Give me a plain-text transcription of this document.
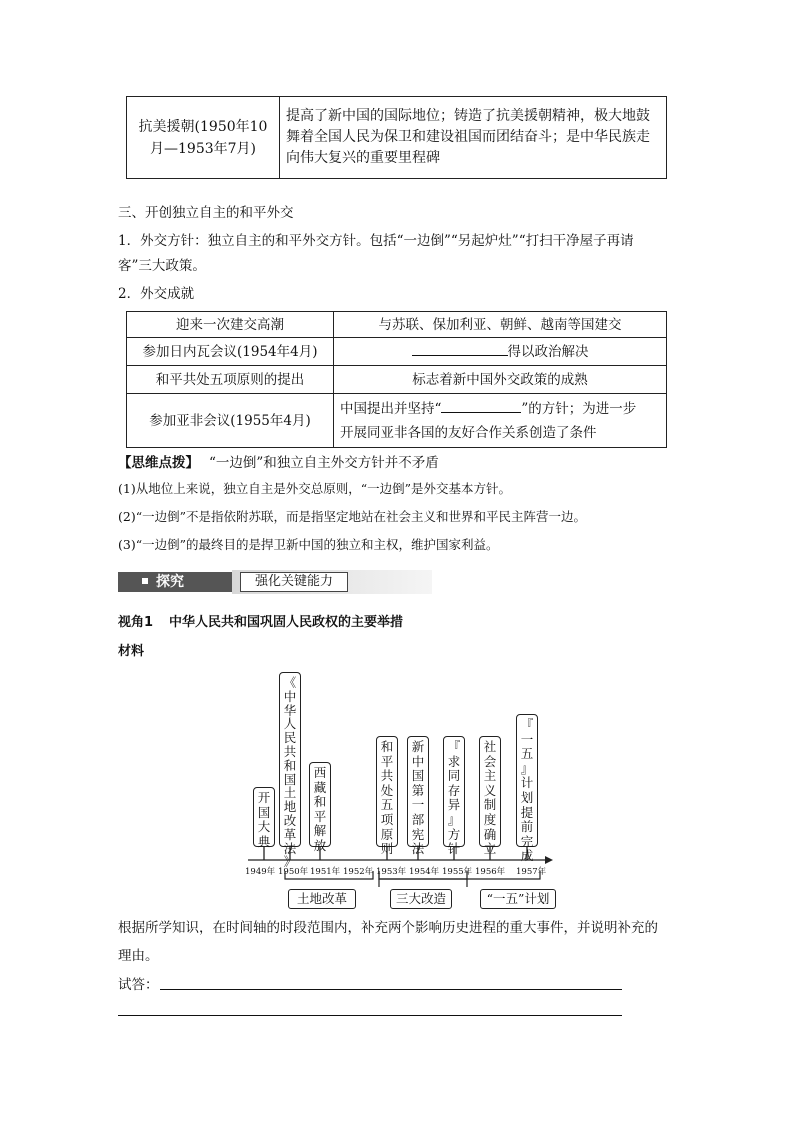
抗美援朝(1950年10月—1953年7月)
	提高了新中国的国际地位；铸造了抗美援朝精神，极大地鼓舞着全国人民为保卫和建设祖国而团结奋斗；是中华民族走向伟大复兴的重要里程碑
三、开创独立自主的和平外交
1．外交方针：独立自主的和平外交方针。包括“一边倒”“另起炉灶”“打扫干净屋子再请
客”三大政策。
2．外交成就
迎来一次建交高潮	与苏联、保加利亚、朝鲜、越南等国建交
参加日内瓦会议(1954年4月)	得以政治解决
和平共处五项原则的提出	标志着新中国外交政策的成熟
参加亚非会议(1955年4月)	中国提出并坚持“ ”的方针；为进一步
开展同亚非各国的友好合作关系创造了条件
【思维点拨】 “一边倒”和独立自主外交方针并不矛盾
(1)从地位上来说，独立自主是外交总原则，“一边倒”是外交基本方针。
(2)“一边倒”不是指依附苏联，而是指坚定地站在社会主义和世界和平民主阵营一边。
(3)“一边倒”的最终目的是捍卫新中国的独立和主权，维护国家利益。
探究	强化关键能力
视角1 中华人民共和国巩固人民政权的主要举措
材料
开
国
大
典
《
中
华
人
民
共
和
国
土
地
改
革
法
》
西
藏
和
平
解
放
和
平
共
处
五
项
原
则
新
中
国
第
一
部
宪
法
『
求
同
存
异
』
方
针
社
会
主
义
制
度
确
立
『
一
五
』
计
划
提
前
完
成
1949年 1950年 1951年 1952年 1953年 1954年 1955年 1956年 1957年
土地改革	三大改造	“一五”计划
根据所学知识，在时间轴的时段范围内，补充两个影响历史进程的重大事件，并说明补充的
理由。
试答：
